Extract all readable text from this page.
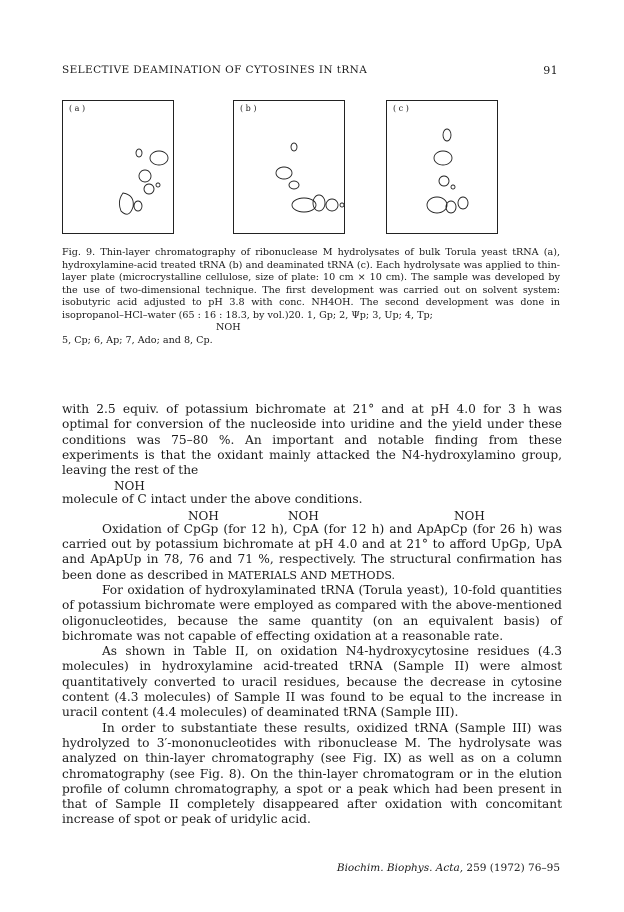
SELECTIVE DEAMINATION OF CYTOSINES IN tRNA	91
( a )	( b )	( c )

Fig. 9. Thin-layer chromatography of ribonuclease M hydrolysates of bulk Torula yeast tRNA (a), hydroxylamine-acid treated tRNA (b) and deaminated tRNA (c). Each hydrolysate was applied to thin-layer plate (microcrystalline cellulose, size of plate: 10 cm × 10 cm). The sample was developed by the use of two-dimensional technique. The first development was carried out on solvent system: isobutyric acid adjusted to pH 3.8 with conc. NH4OH. The second development was done in isopropanol–HCl–water (65 : 16 : 18.3, by vol.)20. 1, Gp; 2, Ψp; 3, Up; 4, Tp;

NOH

5, Cp; 6, Ap; 7, Ado; and 8, Cp.

with 2.5 equiv. of potassium bichromate at 21° and at pH 4.0 for 3 h was optimal for conversion of the nucleoside into uridine and the yield under these conditions was 75–80 %. An important and notable finding from these experiments is that the oxidant mainly attacked the N4-hydroxylamino group, leaving the rest of the

NOH

molecule of C intact under the above conditions.

NOH	NOH	NOH

Oxidation of CpGp (for 12 h), CpA (for 12 h) and ApApCp (for 26 h) was carried out by potassium bichromate at pH 4.0 and at 21° to afford UpGp, UpA and ApApUp in 78, 76 and 71 %, respectively. The structural confirmation has been done as described in MATERIALS AND METHODS.

For oxidation of hydroxylaminated tRNA (Torula yeast), 10-fold quantities of potassium bichromate were employed as compared with the above-mentioned oligonucleotides, because the same quantity (on an equivalent basis) of bichromate was not capable of effecting oxidation at a reasonable rate.

As shown in Table II, on oxidation N4-hydroxycytosine residues (4.3 molecules) in hydroxylamine acid-treated tRNA (Sample II) were almost quantitatively converted to uracil residues, because the decrease in cytosine content (4.3 molecules) of Sample II was found to be equal to the increase in uracil content (4.4 molecules) of deaminated tRNA (Sample III).

In order to substantiate these results, oxidized tRNA (Sample III) was hydrolyzed to 3′-mononucleotides with ribonuclease M. The hydrolysate was analyzed on thin-layer chromatography (see Fig. IX) as well as on a column chromatography (see Fig. 8). On the thin-layer chromatogram or in the elution profile of column chromatography, a spot or a peak which had been present in that of Sample II completely disappeared after oxidation with concomitant increase of spot or peak of uridylic acid.

Biochim. Biophys. Acta, 259 (1972) 76–95
